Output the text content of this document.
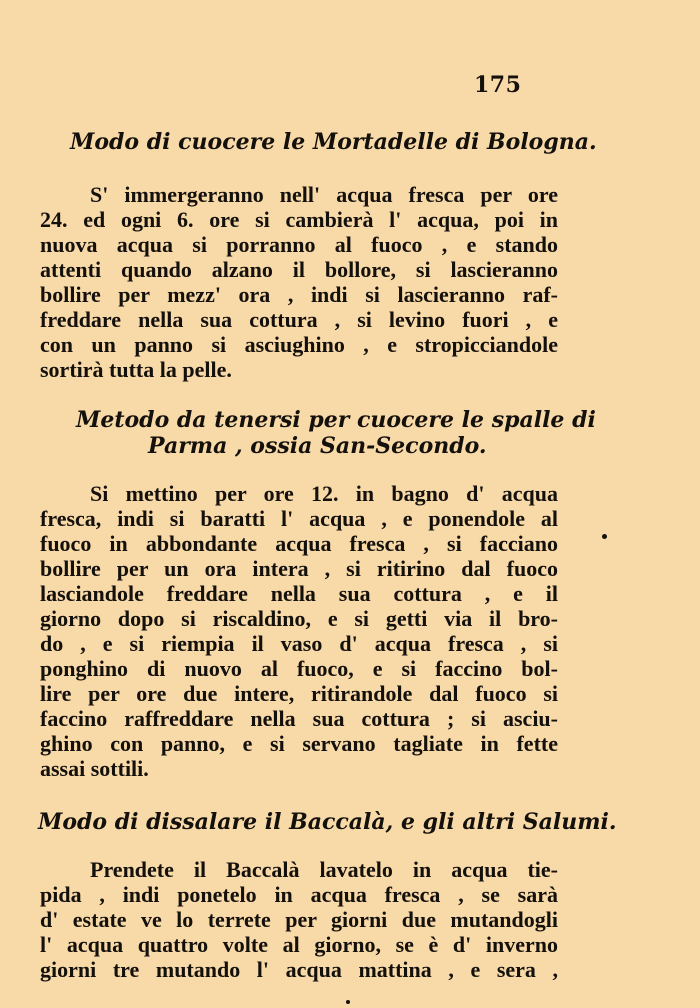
175
Modo di cuocere le Mortadelle di Bologna.
S' immergeranno nell' acqua fresca per ore
24. ed ogni 6. ore si cambierà l' acqua, poi in
nuova acqua si porranno al fuoco , e stando
attenti quando alzano il bollore, si lascieranno
bollire per mezz' ora , indi si lascieranno raf-
freddare nella sua cottura , si levino fuori , e
con un panno si asciughino , e stropicciandole
sortirà tutta la pelle.
Metodo da tenersi per cuocere le spalle di
Parma , ossia San-Secondo.
Si mettino per ore 12. in bagno d' acqua
fresca, indi si baratti l' acqua , e ponendole al
fuoco in abbondante acqua fresca , si facciano
bollire per un ora intera , si ritirino dal fuoco
lasciandole freddare nella sua cottura , e il
giorno dopo si riscaldino, e si getti via il bro-
do , e si riempia il vaso d' acqua fresca , si
ponghino di nuovo al fuoco, e si faccino bol-
lire per ore due intere, ritirandole dal fuoco si
faccino raffreddare nella sua cottura ; si asciu-
ghino con panno, e si servano tagliate in fette
assai sottili.
Modo di dissalare il Baccalà, e gli altri Salumi.
Prendete il Baccalà lavatelo in acqua tie-
pida , indi ponetelo in acqua fresca , se sarà
d' estate ve lo terrete per giorni due mutandogli
l' acqua quattro volte al giorno, se è d' inverno
giorni tre mutando l' acqua mattina , e sera ,
